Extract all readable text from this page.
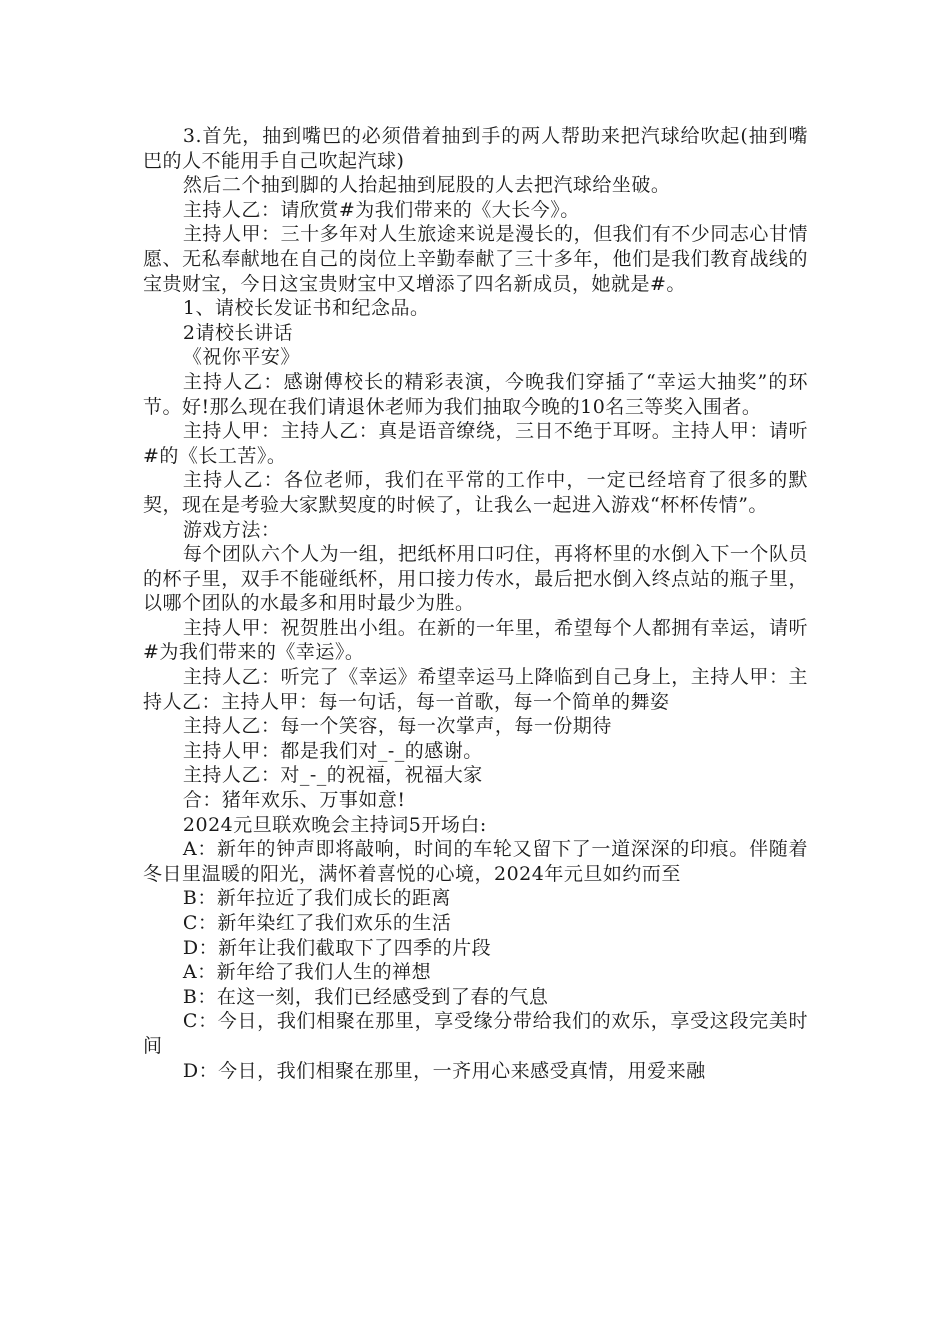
3.首先，抽到嘴巴的必须借着抽到手的两人帮助来把汽球给吹起(抽到嘴巴的人不能用手自己吹起汽球)

然后二个抽到脚的人抬起抽到屁股的人去把汽球给坐破。

主持人乙：请欣赏#为我们带来的《大长今》。

主持人甲：三十多年对人生旅途来说是漫长的，但我们有不少同志心甘情愿、无私奉献地在自己的岗位上辛勤奉献了三十多年，他们是我们教育战线的宝贵财宝，今日这宝贵财宝中又增添了四名新成员，她就是#。

1、请校长发证书和纪念品。

2请校长讲话

《祝你平安》

主持人乙：感谢傅校长的精彩表演，今晚我们穿插了“幸运大抽奖”的环节。好!那么现在我们请退休老师为我们抽取今晚的10名三等奖入围者。

主持人甲：主持人乙：真是语音缭绕，三日不绝于耳呀。主持人甲：请听#的《长工苦》。

主持人乙：各位老师，我们在平常的工作中，一定已经培育了很多的默契，现在是考验大家默契度的时候了，让我么一起进入游戏“杯杯传情”。

游戏方法：

每个团队六个人为一组，把纸杯用口叼住，再将杯里的水倒入下一个队员的杯子里，双手不能碰纸杯，用口接力传水，最后把水倒入终点站的瓶子里，以哪个团队的水最多和用时最少为胜。

主持人甲：祝贺胜出小组。在新的一年里，希望每个人都拥有幸运，请听#为我们带来的《幸运》。

主持人乙：听完了《幸运》希望幸运马上降临到自己身上，主持人甲：主持人乙：主持人甲：每一句话，每一首歌，每一个简单的舞姿

主持人乙：每一个笑容，每一次掌声，每一份期待

主持人甲：都是我们对_-_的感谢。

主持人乙：对_-_的祝福，祝福大家

合：猪年欢乐、万事如意!

2024元旦联欢晚会主持词5开场白:

A：新年的钟声即将敲响，时间的车轮又留下了一道深深的印痕。伴随着冬日里温暖的阳光，满怀着喜悦的心境，2024年元旦如约而至

B：新年拉近了我们成长的距离

C：新年染红了我们欢乐的生活

D：新年让我们截取下了四季的片段

A：新年给了我们人生的禅想

B：在这一刻，我们已经感受到了春的气息

C：今日，我们相聚在那里，享受缘分带给我们的欢乐，享受这段完美时间

D：今日，我们相聚在那里，一齐用心来感受真情，用爱来融
